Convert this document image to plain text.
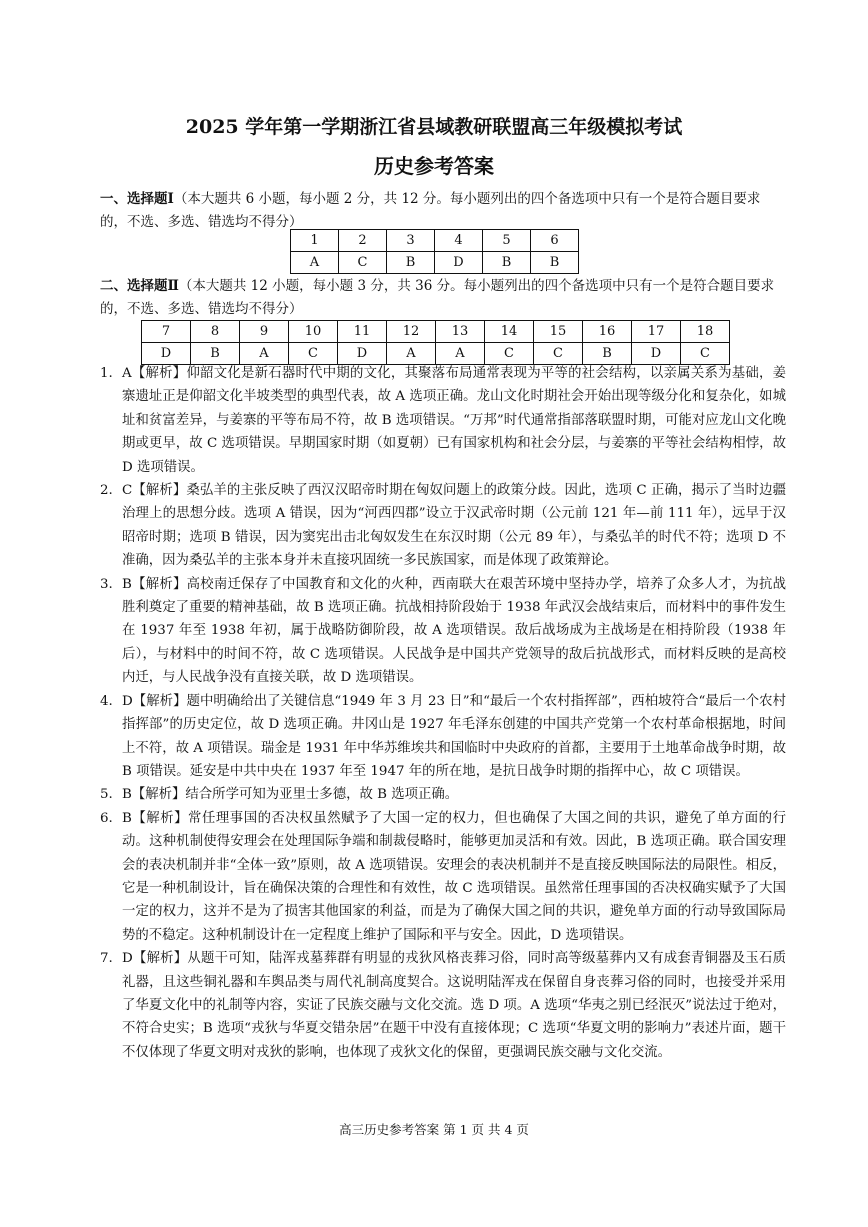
2025 学年第一学期浙江省县域教研联盟高三年级模拟考试
历史参考答案
一、选择题Ⅰ（本大题共 6 小题，每小题 2 分，共 12 分。每小题列出的四个备选项中只有一个是符合题目要求的，不选、多选、错选均不得分）
1	2	3	4	5	6
A	C	B	D	B	B
二、选择题Ⅱ（本大题共 12 小题，每小题 3 分，共 36 分。每小题列出的四个备选项中只有一个是符合题目要求的，不选、多选、错选均不得分）
7	8	9	10	11	12	13	14	15	16	17	18
D	B	A	C	D	A	A	C	C	B	D	C
1. A【解析】仰韶文化是新石器时代中期的文化，其聚落布局通常表现为平等的社会结构，以亲属关系为基础，姜寨遗址正是仰韶文化半坡类型的典型代表，故 A 选项正确。龙山文化时期社会开始出现等级分化和复杂化，如城址和贫富差异，与姜寨的平等布局不符，故 B 选项错误。“万邦”时代通常指部落联盟时期，可能对应龙山文化晚期或更早，故 C 选项错误。早期国家时期（如夏朝）已有国家机构和社会分层，与姜寨的平等社会结构相悖，故 D 选项错误。
2. C【解析】桑弘羊的主张反映了西汉汉昭帝时期在匈奴问题上的政策分歧。因此，选项 C 正确，揭示了当时边疆治理上的思想分歧。选项 A 错误，因为“河西四郡”设立于汉武帝时期（公元前 121 年—前 111 年），远早于汉昭帝时期；选项 B 错误，因为窦宪出击北匈奴发生在东汉时期（公元 89 年），与桑弘羊的时代不符；选项 D 不准确，因为桑弘羊的主张本身并未直接巩固统一多民族国家，而是体现了政策辩论。
3. B【解析】高校南迁保存了中国教育和文化的火种，西南联大在艰苦环境中坚持办学，培养了众多人才，为抗战胜利奠定了重要的精神基础，故 B 选项正确。抗战相持阶段始于 1938 年武汉会战结束后，而材料中的事件发生在 1937 年至 1938 年初，属于战略防御阶段，故 A 选项错误。敌后战场成为主战场是在相持阶段（1938 年后），与材料中的时间不符，故 C 选项错误。人民战争是中国共产党领导的敌后抗战形式，而材料反映的是高校内迁，与人民战争没有直接关联，故 D 选项错误。
4. D【解析】题中明确给出了关键信息“1949 年 3 月 23 日”和“最后一个农村指挥部”，西柏坡符合“最后一个农村指挥部”的历史定位，故 D 选项正确。井冈山是 1927 年毛泽东创建的中国共产党第一个农村革命根据地，时间上不符，故 A 项错误。瑞金是 1931 年中华苏维埃共和国临时中央政府的首都，主要用于土地革命战争时期，故 B 项错误。延安是中共中央在 1937 年至 1947 年的所在地，是抗日战争时期的指挥中心，故 C 项错误。
5. B【解析】结合所学可知为亚里士多德，故 B 选项正确。
6. B【解析】常任理事国的否决权虽然赋予了大国一定的权力，但也确保了大国之间的共识，避免了单方面的行动。这种机制使得安理会在处理国际争端和制裁侵略时，能够更加灵活和有效。因此，B 选项正确。联合国安理会的表决机制并非“全体一致”原则，故 A 选项错误。安理会的表决机制并不是直接反映国际法的局限性。相反，它是一种机制设计，旨在确保决策的合理性和有效性，故 C 选项错误。虽然常任理事国的否决权确实赋予了大国一定的权力，这并不是为了损害其他国家的利益，而是为了确保大国之间的共识，避免单方面的行动导致国际局势的不稳定。这种机制设计在一定程度上维护了国际和平与安全。因此，D 选项错误。
7. D【解析】从题干可知，陆浑戎墓葬群有明显的戎狄风格丧葬习俗，同时高等级墓葬内又有成套青铜器及玉石质礼器，且这些铜礼器和车舆品类与周代礼制高度契合。这说明陆浑戎在保留自身丧葬习俗的同时，也接受并采用了华夏文化中的礼制等内容，实证了民族交融与文化交流。选 D 项。A 选项“华夷之别已经泯灭”说法过于绝对，不符合史实；B 选项“戎狄与华夏交错杂居”在题干中没有直接体现；C 选项“华夏文明的影响力”表述片面，题干不仅体现了华夏文明对戎狄的影响，也体现了戎狄文化的保留，更强调民族交融与文化交流。
高三历史参考答案 第 1 页 共 4 页
